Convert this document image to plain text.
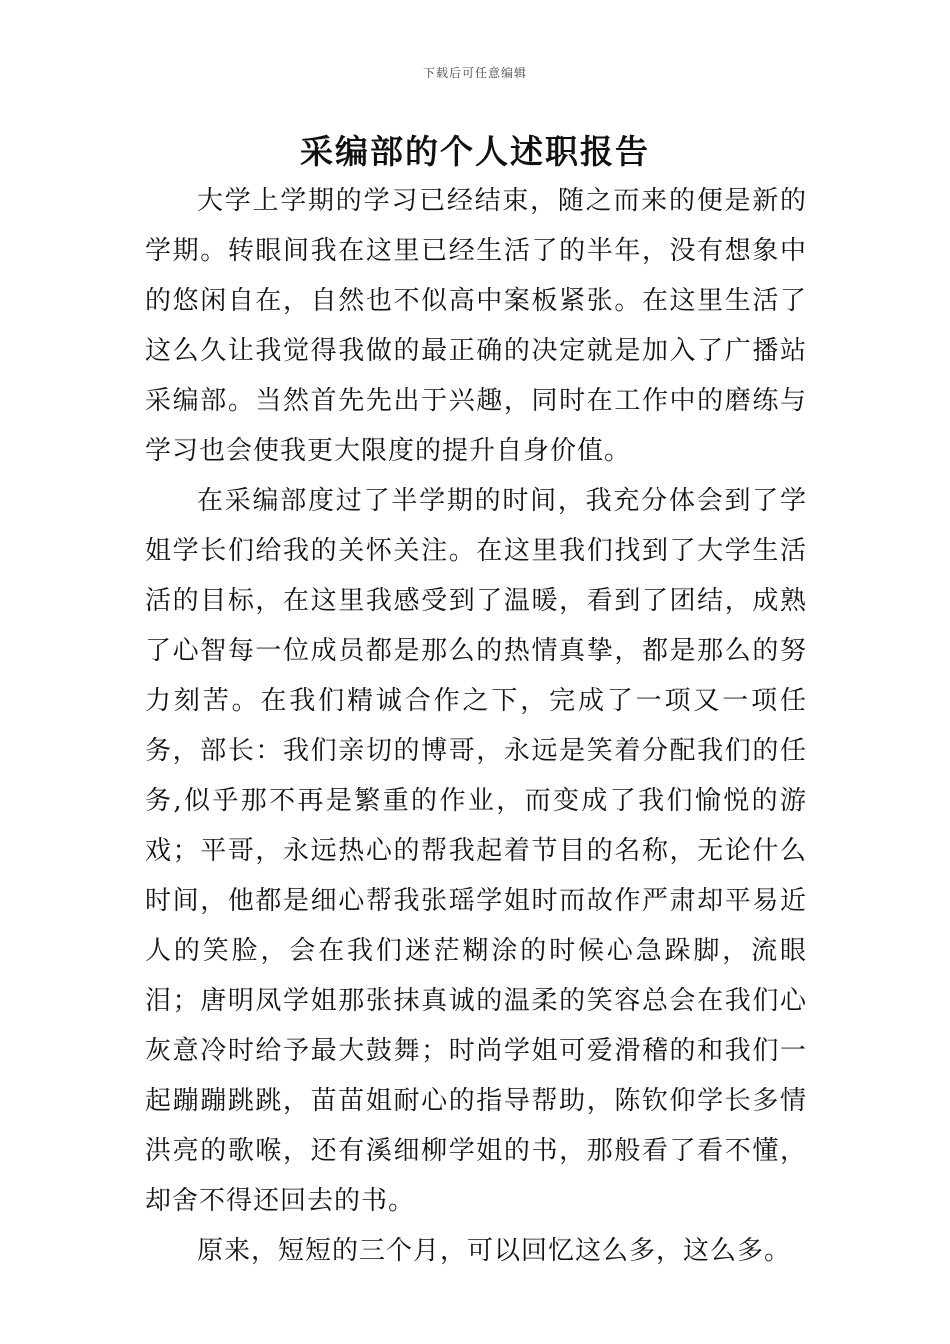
下载后可任意编辑
采编部的个人述职报告

大学上学期的学习已经结束，随之而来的便是新的学期。转眼间我在这里已经生活了的半年，没有想象中的悠闲自在，自然也不似高中案板紧张。在这里生活了这么久让我觉得我做的最正确的决定就是加入了广播站采编部。当然首先先出于兴趣，同时在工作中的磨练与学习也会使我更大限度的提升自身价值。

在采编部度过了半学期的时间，我充分体会到了学姐学长们给我的关怀关注。在这里我们找到了大学生活活的目标，在这里我感受到了温暖，看到了团结，成熟了心智每一位成员都是那么的热情真挚，都是那么的努力刻苦。在我们精诚合作之下，完成了一项又一项任务，部长：我们亲切的博哥，永远是笑着分配我们的任务,似乎那不再是繁重的作业，而变成了我们愉悦的游戏；平哥，永远热心的帮我起着节目的名称，无论什么时间，他都是细心帮我张瑶学姐时而故作严肃却平易近人的笑脸，会在我们迷茫糊涂的时候心急跺脚，流眼泪；唐明凤学姐那张抹真诚的温柔的笑容总会在我们心灰意冷时给予最大鼓舞；时尚学姐可爱滑稽的和我们一起蹦蹦跳跳，苗苗姐耐心的指导帮助，陈钦仰学长多情洪亮的歌喉，还有溪细柳学姐的书，那般看了看不懂，却舍不得还回去的书。

原来，短短的三个月，可以回忆这么多，这么多。
